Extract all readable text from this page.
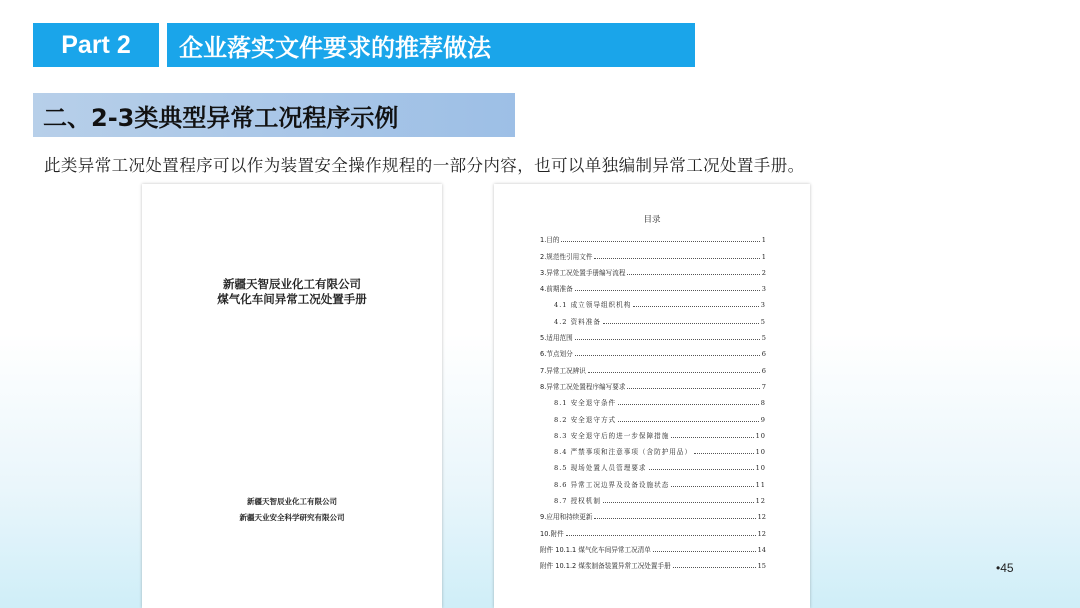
Part 2	企业落实文件要求的推荐做法
二、2-3类典型异常工况程序示例
此类异常工况处置程序可以作为装置安全操作规程的一部分内容，也可以单独编制异常工况处置手册。
新疆天智辰业化工有限公司
煤气化车间异常工况处置手册
新疆天智辰业化工有限公司
新疆天业安全科学研究有限公司
目录
1.目的	1
2.规范性引用文件	1
3.异常工况处置手册编写流程	2
4.前期准备	3
4.1 成立领导组织机构	3
4.2 资料准备	5
5.适用范围	5
6.节点划分	6
7.异常工况辨识	6
8.异常工况处置程序编写要求	7
8.1 安全退守条件	8
8.2 安全退守方式	9
8.3 安全退守后的进一步保障措施	10
8.4 严禁事项和注意事项（含防护用品）	10
8.5 现场处置人员管理要求	10
8.6 异常工况边界及设备设施状态	11
8.7 授权机制	12
9.应用和持续更新	12
10.附件	12
附件 10.1.1 煤气化车间异常工况清单	14
附件 10.1.2 煤浆制备装置异常工况处置手册	15	•45
